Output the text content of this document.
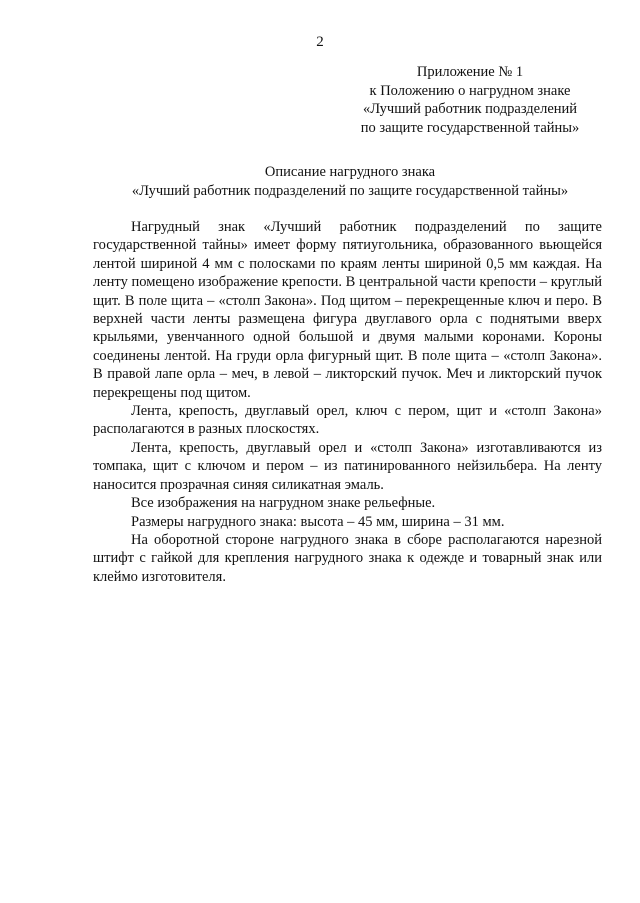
2
Приложение № 1
к Положению о нагрудном знаке
«Лучший работник подразделений
по защите государственной тайны»
Описание нагрудного знака
«Лучший работник подразделений по защите государственной тайны»

Нагрудный знак «Лучший работник подразделений по защите государственной тайны» имеет форму пятиугольника, образованного вьющейся лентой шириной 4 мм с полосками по краям ленты шириной 0,5 мм каждая. На ленту помещено изображение крепости. В центральной части крепости – круглый щит. В поле щита – «столп Закона». Под щитом – перекрещенные ключ и перо. В верхней части ленты размещена фигура двуглавого орла с поднятыми вверх крыльями, увенчанного одной большой и двумя малыми коронами. Короны соединены лентой. На груди орла фигурный щит. В поле щита – «столп Закона». В правой лапе орла – меч, в левой – ликторский пучок. Меч и ликторский пучок перекрещены под щитом.

Лента, крепость, двуглавый орел, ключ с пером, щит и «столп Закона» располагаются в разных плоскостях.

Лента, крепость, двуглавый орел и «столп Закона» изготавливаются из томпака, щит с ключом и пером – из патинированного нейзильбера. На ленту наносится прозрачная синяя силикатная эмаль.

Все изображения на нагрудном знаке рельефные.

Размеры нагрудного знака: высота – 45 мм, ширина – 31 мм.

На оборотной стороне нагрудного знака в сборе располагаются нарезной штифт с гайкой для крепления нагрудного знака к одежде и товарный знак или клеймо изготовителя.
